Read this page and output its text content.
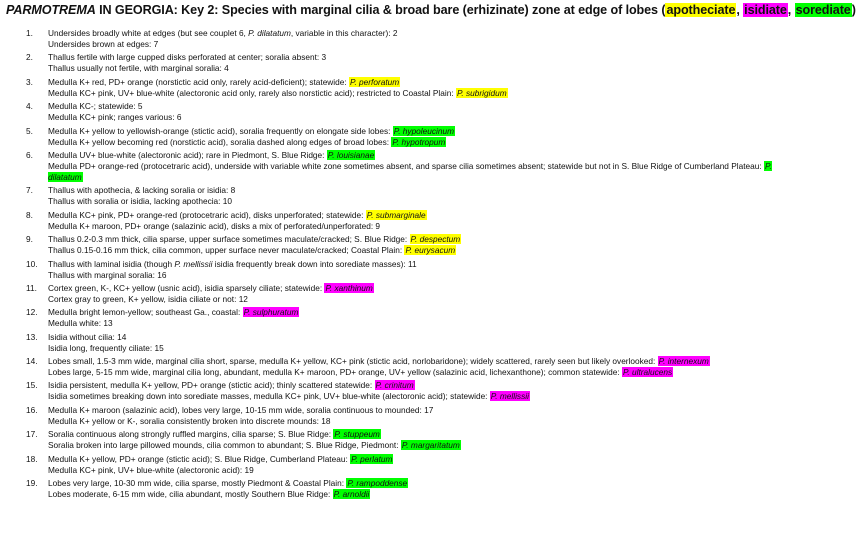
PARMOTREMA IN GEORGIA: Key 2: Species with marginal cilia & broad bare (erhizinate) zone at edge of lobes (apotheciate, isidiate, sorediate)
1.	Undersides broadly white at edges (but see couplet 6, P. dilatatum, variable in this character): 2
Undersides brown at edges: 7
2.	Thallus fertile with large cupped disks perforated at center; soralia absent: 3
Thallus usually not fertile, with marginal soralia: 4
3.	Medulla K+ red, PD+ orange (norstictic acid only, rarely acid-deficient); statewide: P. perforatum
Medulla KC+ pink, UV+ blue-white (alectoronic acid only, rarely also norstictic acid); restricted to Coastal Plain: P. subrigidum
4.	Medulla KC-; statewide: 5
Medulla KC+ pink; ranges various: 6
5.	Medulla K+ yellow to yellowish-orange (stictic acid), soralia frequently on elongate side lobes: P. hypoleucinum
Medulla K+ yellow becoming red (norstictic acid), soralia dashed along edges of broad lobes: P. hypotropum
6.	Medulla UV+ blue-white (alectoronic acid); rare in Piedmont, S. Blue Ridge: P. louisianae
Medulla PD+ orange-red (protocetraric acid), underside with variable white zone sometimes absent, and sparse cilia sometimes absent; statewide but not in S. Blue Ridge of Cumberland Plateau: P. dilatatum
7.	Thallus with apothecia, & lacking soralia or isidia: 8
Thallus with soralia or isidia, lacking apothecia: 10
8.	Medulla KC+ pink, PD+ orange-red (protocetraric acid), disks unperforated; statewide: P. submarginale
Medulla K+ maroon, PD+ orange (salazinic acid), disks a mix of perforated/unperforated: 9
9.	Thallus 0.2-0.3 mm thick, cilia sparse, upper surface sometimes maculate/cracked; S. Blue Ridge: P. despectum
Thallus 0.15-0.16 mm thick, cilia common, upper surface never maculate/cracked; Coastal Plain: P. eurysacum
10.	Thallus with laminal isidia (though P. mellissii isidia frequently break down into sorediate masses): 11
Thallus with marginal soralia: 16
11.	Cortex green, K-, KC+ yellow (usnic acid), isidia sparsely ciliate; statewide: P. xanthinum
Cortex gray to green, K+ yellow, isidia ciliate or not: 12
12.	Medulla bright lemon-yellow; southeast Ga., coastal: P. sulphuratum
Medulla white: 13
13.	Isidia without cilia: 14
Isidia long, frequently ciliate: 15
14.	Lobes small, 1.5-3 mm wide, marginal cilia short, sparse, medulla K+ yellow, KC+ pink (stictic acid, norlobaridone); widely scattered, rarely seen but likely overlooked: P. internexum
Lobes large, 5-15 mm wide, marginal cilia long, abundant, medulla K+ maroon, PD+ orange, UV+ yellow (salazinic acid, lichexanthone); common statewide: P. ultralucens
15.	Isidia persistent, medulla K+ yellow, PD+ orange (stictic acid); thinly scattered statewide: P. crinitum
Isidia sometimes breaking down into sorediate masses, medulla KC+ pink, UV+ blue-white (alectoronic acid); statewide: P. mellissii
16.	Medulla K+ maroon (salazinic acid), lobes very large, 10-15 mm wide, soralia continuous to mounded: 17
Medulla K+ yellow or K-, soralia consistently broken into discrete mounds: 18
17.	Soralia continuous along strongly ruffled margins, cilia sparse; S. Blue Ridge: P. stuppeum
Soralia broken into large pillowed mounds, cilia common to abundant; S. Blue Ridge, Piedmont: P. margaritatum
18.	Medulla K+ yellow, PD+ orange (stictic acid); S. Blue Ridge, Cumberland Plateau: P. perlatum
Medulla KC+ pink, UV+ blue-white (alectoronic acid): 19
19.	Lobes very large, 10-30 mm wide, cilia sparse, mostly Piedmont & Coastal Plain: P. rampoddense
Lobes moderate, 6-15 mm wide, cilia abundant, mostly Southern Blue Ridge: P. arnoldii
